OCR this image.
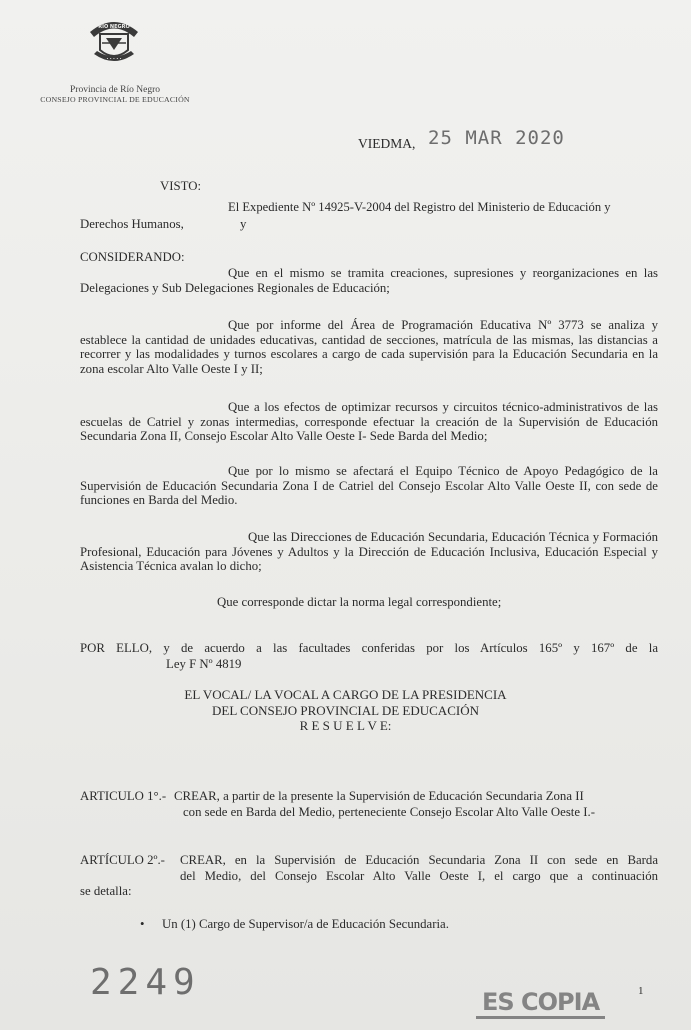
RIO NEGRO
• • • • •
Provincia de Río Negro
CONSEJO PROVINCIAL DE EDUCACIÓN
VIEDMA, 25 MAR 2020
VISTO:
El Expediente Nº 14925-V-2004 del Registro del Ministerio de Educación y
Derechos Humanos,	y
CONSIDERANDO:
Que en el mismo se tramita creaciones, supresiones y reorganizaciones en las Delegaciones y Sub Delegaciones Regionales de Educación;
Que por informe del Área de Programación Educativa Nº 3773 se analiza y establece la cantidad de unidades educativas, cantidad de secciones, matrícula de las mismas, las distancias a recorrer y las modalidades y turnos escolares a cargo de cada supervisión para la Educación Secundaria en la zona escolar Alto Valle Oeste I y II;
Que a los efectos de optimizar recursos y circuitos técnico-administrativos de las escuelas de Catriel y zonas intermedias, corresponde efectuar la creación de la Supervisión de Educación Secundaria Zona II, Consejo Escolar Alto Valle Oeste I- Sede Barda del Medio;
Que por lo mismo se afectará el Equipo Técnico de Apoyo Pedagógico de la Supervisión de Educación Secundaria Zona I de Catriel del Consejo Escolar Alto Valle Oeste II, con sede de funciones en Barda del Medio.
Que las Direcciones de Educación Secundaria, Educación Técnica y Formación Profesional, Educación para Jóvenes y Adultos y la Dirección de Educación Inclusiva, Educación Especial y Asistencia Técnica avalan lo dicho;
Que corresponde dictar la norma legal correspondiente;
POR ELLO, y de acuerdo a las facultades conferidas por los Artículos 165º y 167º de la
Ley F Nº 4819
EL VOCAL/ LA VOCAL A CARGO DE LA PRESIDENCIA
DEL CONSEJO PROVINCIAL DE EDUCACIÓN
R E S U E L V E:
ARTICULO 1°.- CREAR, a partir de la presente la Supervisión de Educación Secundaria Zona II
con sede en Barda del Medio, perteneciente Consejo Escolar Alto Valle Oeste I.-
ARTÍCULO 2º.- CREAR, en la Supervisión de Educación Secundaria Zona II con sede en Barda
del Medio, del Consejo Escolar Alto Valle Oeste I, el cargo que a continuación
se detalla:
• Un (1) Cargo de Supervisor/a de Educación Secundaria.
2249	ES COPIA	1
